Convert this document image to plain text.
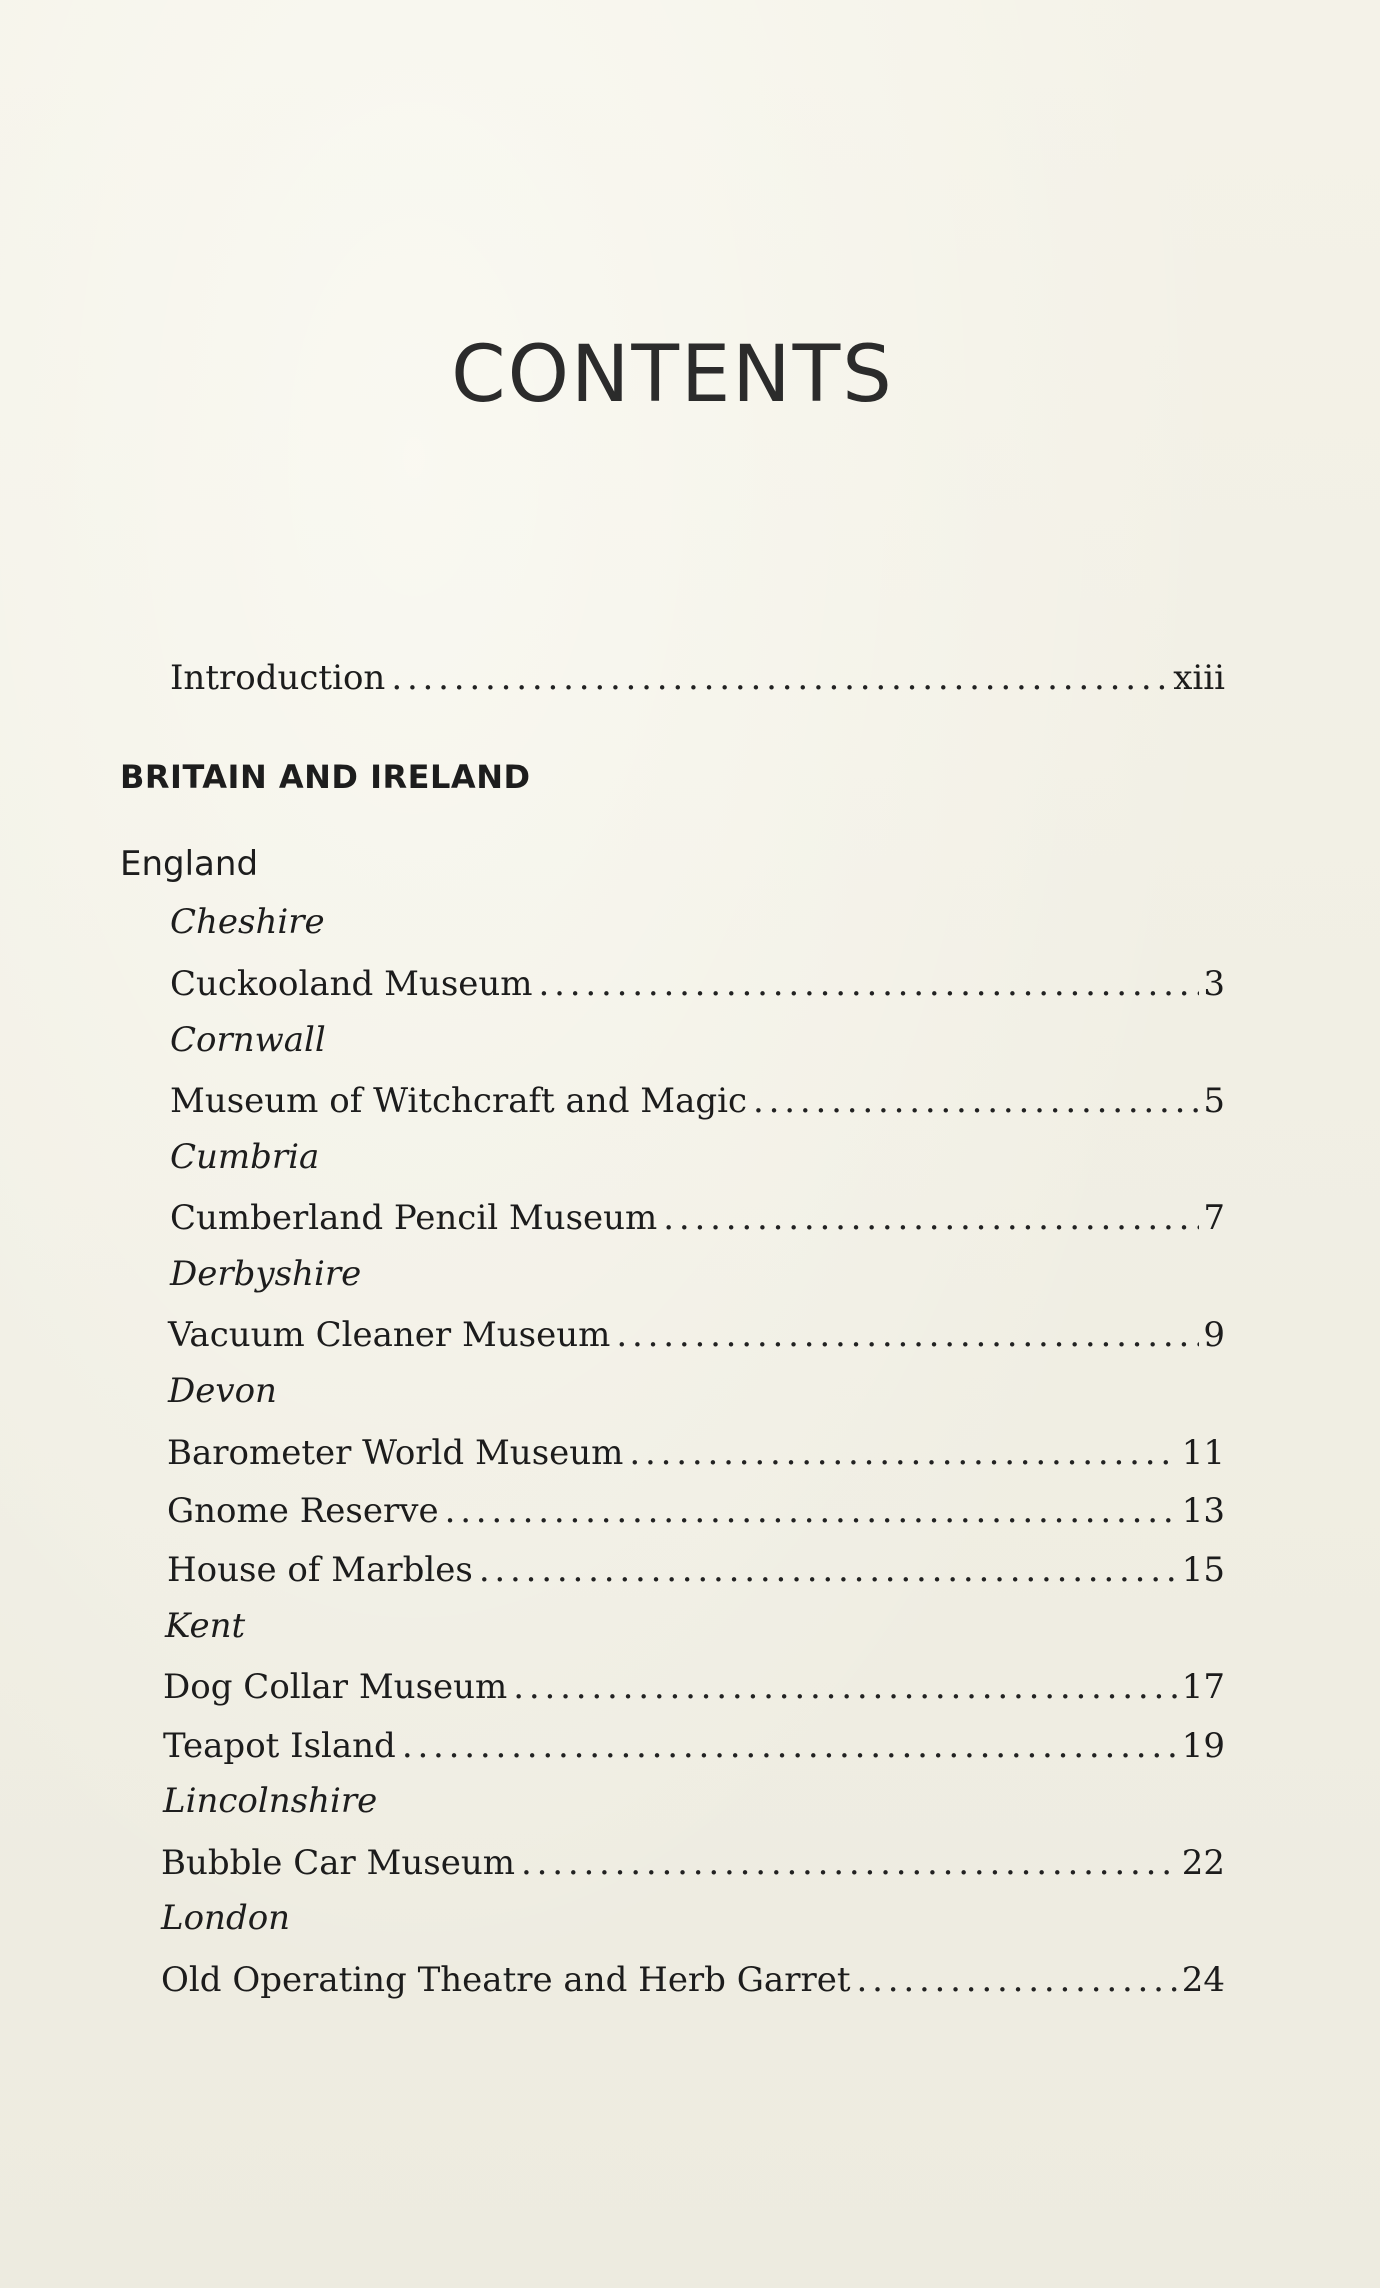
CONTENTS
Introduction . . .	xiii
BRITAIN AND IRELAND
England
Cheshire
Cuckooland Museum . . .	3
Cornwall
Museum of Witchcraft and Magic . . .	5
Cumbria
Cumberland Pencil Museum . . .	7
Derbyshire
Vacuum Cleaner Museum . . .	9
Devon
Barometer World Museum . . .	11
Gnome Reserve . . .	13
House of Marbles . . .	15
Kent
Dog Collar Museum . . .	17
Teapot Island . . .	19
Lincolnshire
Bubble Car Museum . . .	22
London
Old Operating Theatre and Herb Garret . . .	24
